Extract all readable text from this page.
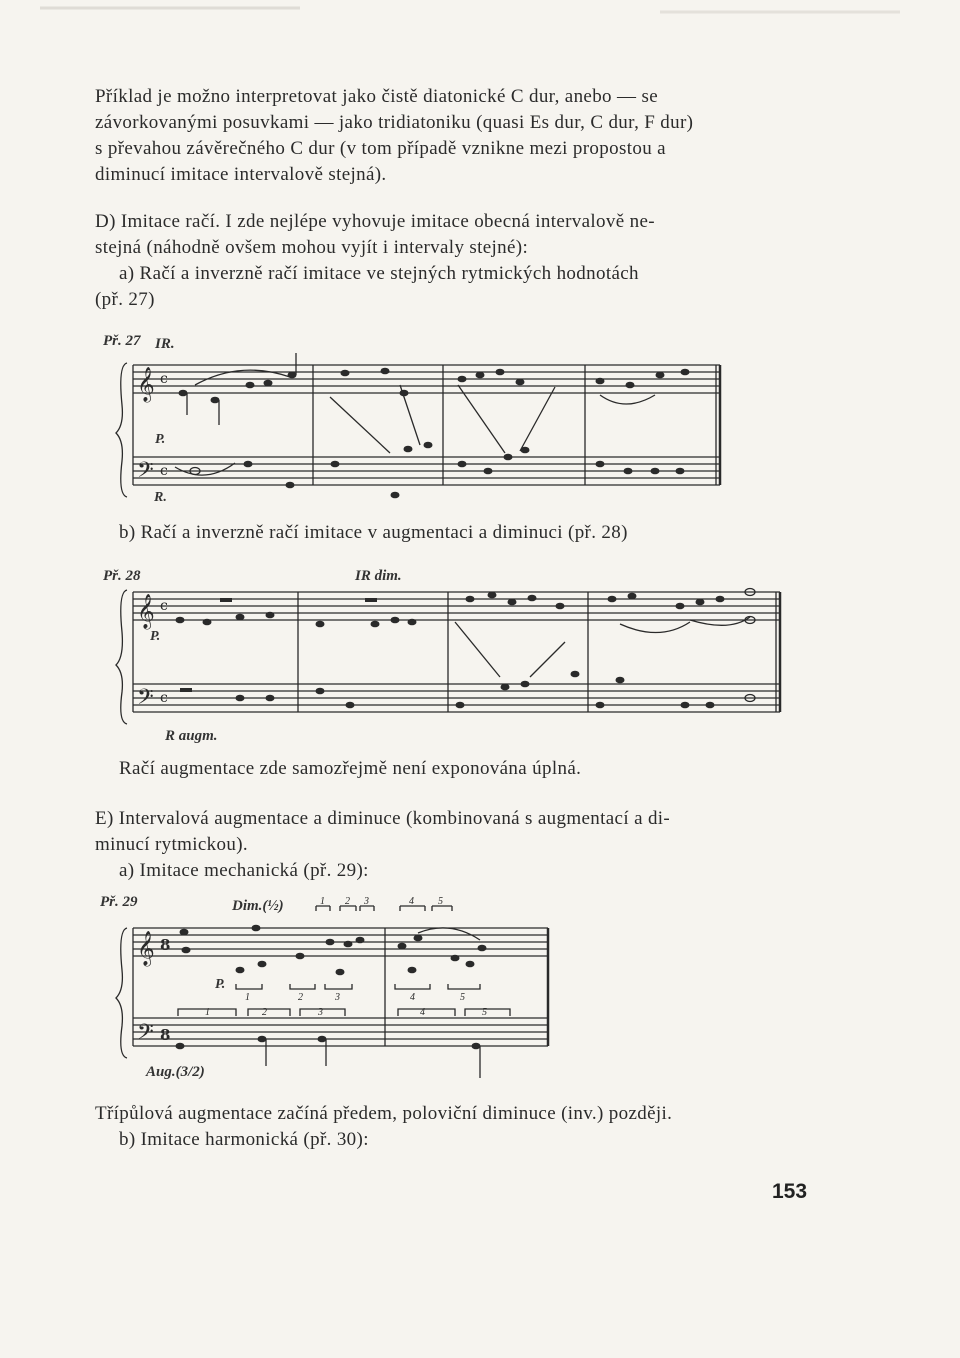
Příklad je možno interpretovat jako čistě diatonické C dur, anebo — se
závorkovanými posuvkami — jako tridiatoniku (quasi Es dur, C dur, F dur)
s převahou závěrečného C dur (v tom případě vznikne mezi propostou a
diminucí imitace intervalově stejná).
D) Imitace račí. I zde nejlépe vyhovuje imitace obecná intervalově ne-
stejná (náhodně ovšem mohou vyjít i intervaly stejné):
a) Račí a inverzně račí imitace ve stejných rytmických hodnotách
(př. 27)
Př. 27 IR.
P.
R.
𝄞
𝄢
c
c
b) Račí a inverzně račí imitace v augmentaci a diminuci (př. 28)
Př. 28	IR dim.
P.
R augm.
𝄞
𝄢
c
c
Račí augmentace zde samozřejmě není exponována úplná.
E) Intervalová augmentace a diminuce (kombinovaná s augmentací a di-
minucí rytmickou).
a) Imitace mechanická (př. 29):
Př. 29	Dim.(½)
Aug.(3/2)
P.
1 2 3	4 5
1	2	3	4	5
1	2	3	4	5
𝄞
𝄢
8
8
Třípůlová augmentace začíná předem, poloviční diminuce (inv.) později.
b) Imitace harmonická (př. 30):
153
